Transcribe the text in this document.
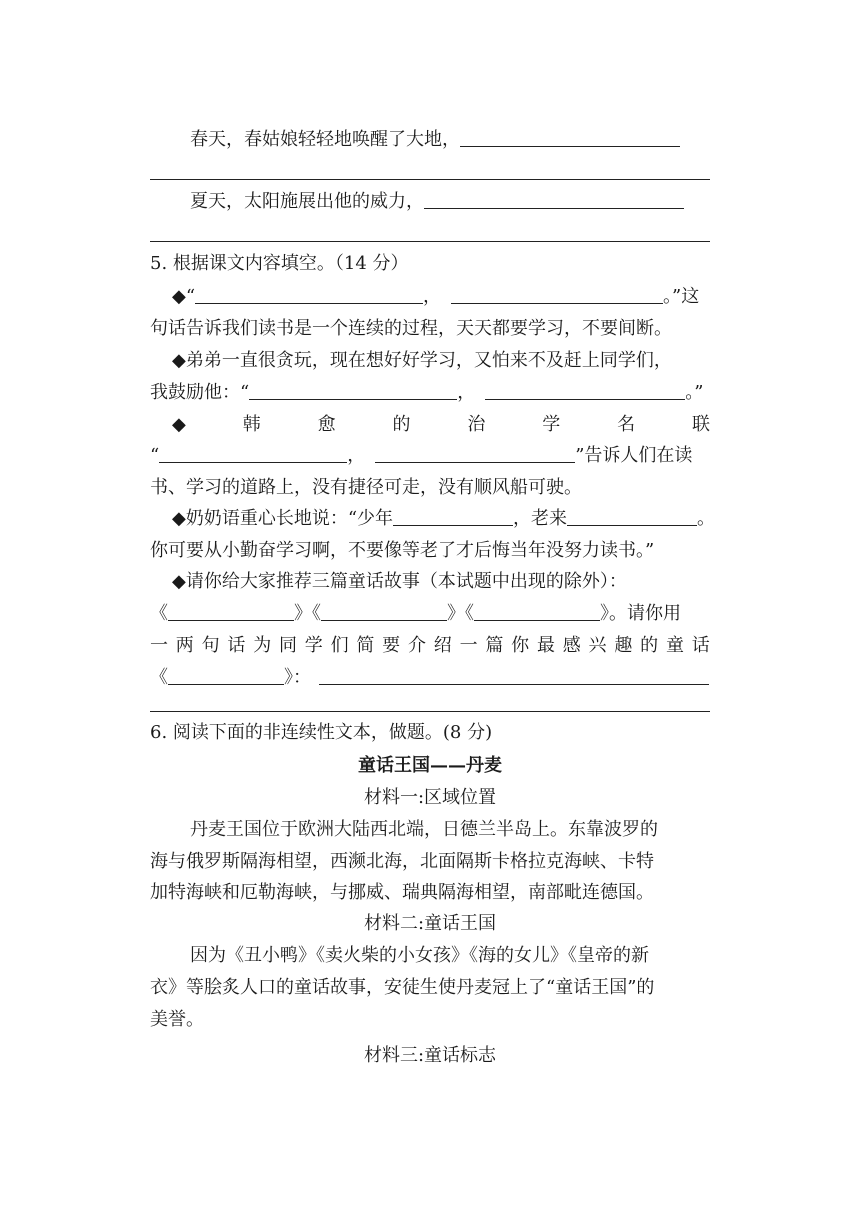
春天，春姑娘轻轻地唤醒了大地，
夏天，太阳施展出他的威力，
5. 根据课文内容填空。（14 分）
◆“	，	。”这
句话告诉我们读书是一个连续的过程，天天都要学习，不要间断。
◆弟弟一直很贪玩，现在想好好学习，又怕来不及赶上同学们，
我鼓励他：“	，	。”
◆	韩	愈	的	治	学	名	联
“	，	”告诉人们在读
书、学习的道路上，没有捷径可走，没有顺风船可驶。
◆奶奶语重心长地说：“少年	，老来	。
你可要从小勤奋学习啊，不要像等老了才后悔当年没努力读书。”
◆请你给大家推荐三篇童话故事（本试题中出现的除外）：
《	》《	》《	》。请你用
一 两 句 话 为 同 学 们 简 要 介 绍 一 篇 你 最 感 兴 趣 的 童 话
《	》：
6. 阅读下面的非连续性文本，做题。(8 分)
童话王国——丹麦
材料一:区域位置
丹麦王国位于欧洲大陆西北端，日德兰半岛上。东靠波罗的
海与俄罗斯隔海相望，西濒北海，北面隔斯卡格拉克海峡、卡特
加特海峡和厄勒海峡，与挪威、瑞典隔海相望，南部毗连德国。
材料二:童话王国
因为《丑小鸭》《卖火柴的小女孩》《海的女儿》《皇帝的新
衣》等脍炙人口的童话故事，安徒生使丹麦冠上了“童话王国”的
美誉。
材料三:童话标志
